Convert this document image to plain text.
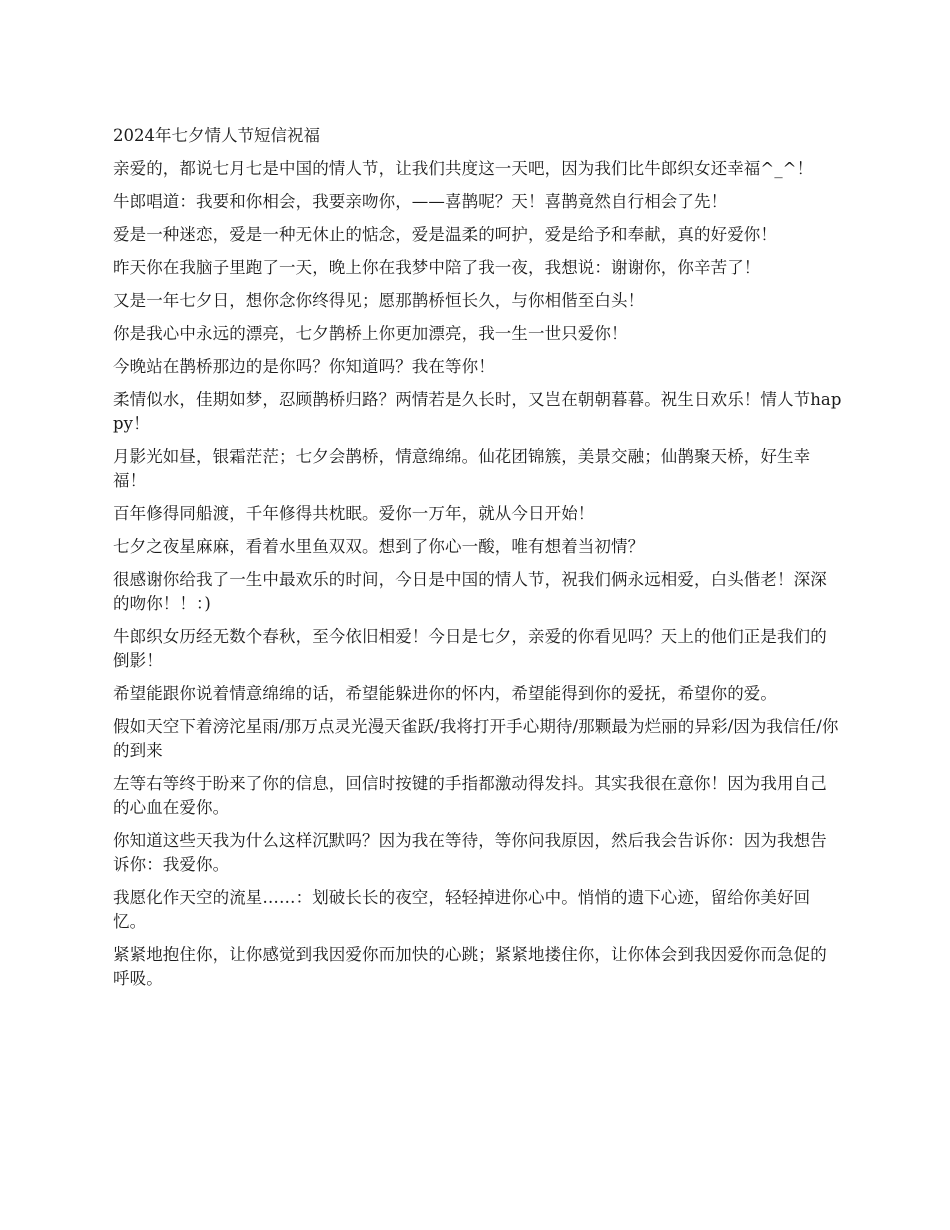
2024年七夕情人节短信祝福

亲爱的，都说七月七是中国的情人节，让我们共度这一天吧，因为我们比牛郎织女还幸福^_^！

牛郎唱道：我要和你相会，我要亲吻你，——喜鹊呢？天！喜鹊竟然自行相会了先！

爱是一种迷恋，爱是一种无休止的惦念，爱是温柔的呵护，爱是给予和奉献，真的好爱你！

昨天你在我脑子里跑了一天，晚上你在我梦中陪了我一夜，我想说：谢谢你，你辛苦了！

又是一年七夕日，想你念你终得见；愿那鹊桥恒长久，与你相偕至白头！

你是我心中永远的漂亮，七夕鹊桥上你更加漂亮，我一生一世只爱你！

今晚站在鹊桥那边的是你吗？你知道吗？我在等你！

柔情似水，佳期如梦，忍顾鹊桥归路？两情若是久长时，又岂在朝朝暮暮。祝生日欢乐！情人节happy！

月影光如昼，银霜茫茫；七夕会鹊桥，情意绵绵。仙花团锦簇，美景交融；仙鹊聚天桥，好生幸福！

百年修得同船渡，千年修得共枕眠。爱你一万年，就从今日开始！

七夕之夜星麻麻，看着水里鱼双双。想到了你心一酸，唯有想着当初情？

很感谢你给我了一生中最欢乐的时间，今日是中国的情人节，祝我们俩永远相爱，白头偕老！深深的吻你！！：)

牛郎织女历经无数个春秋，至今依旧相爱！今日是七夕，亲爱的你看见吗？天上的他们正是我们的倒影！

希望能跟你说着情意绵绵的话，希望能躲进你的怀内，希望能得到你的爱抚，希望你的爱。

假如天空下着滂沱星雨/那万点灵光漫天雀跃/我将打开手心期待/那颗最为烂丽的异彩/因为我信任/你的到来

左等右等终于盼来了你的信息，回信时按键的手指都激动得发抖。其实我很在意你！因为我用自己的心血在爱你。

你知道这些天我为什么这样沉默吗？因为我在等待，等你问我原因，然后我会告诉你：因为我想告诉你：我爱你。

我愿化作天空的流星……：划破长长的夜空，轻轻掉进你心中。悄悄的遗下心迹，留给你美好回忆。

紧紧地抱住你，让你感觉到我因爱你而加快的心跳；紧紧地搂住你，让你体会到我因爱你而急促的呼吸。
